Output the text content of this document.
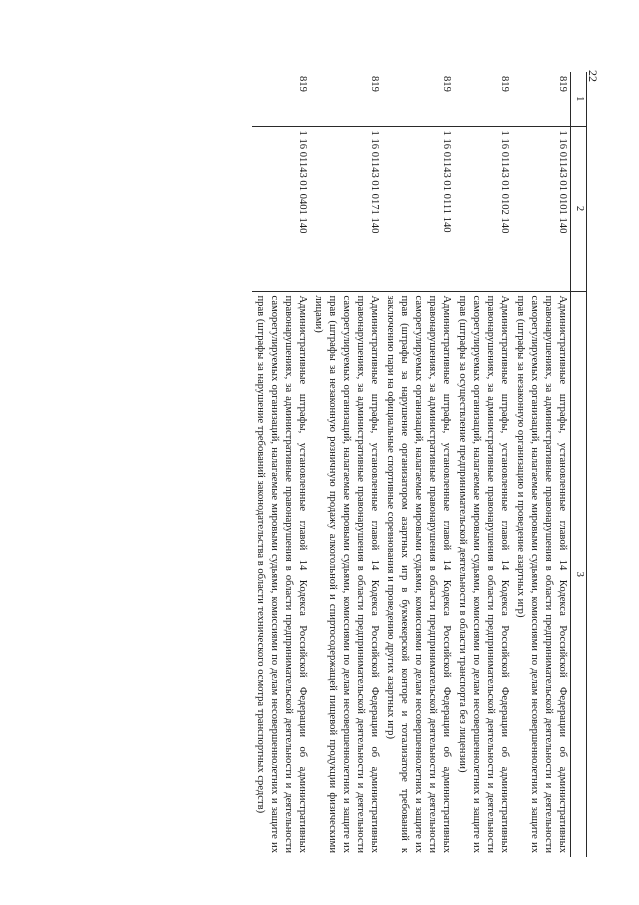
22
1	2	3
819	1 16 01143 01 0101 140	Административные штрафы, установленные главой 14 Кодекса Российской Федерации об административных правонарушениях, за административные правонарушения в области предпринимательской деятельности и деятельности саморегулируемых организаций, налагаемые мировыми судьями, комиссиями по делам несовершеннолетних и защите их прав (штрафы за незаконную организацию и проведение азартных игр)
819	1 16 01143 01 0102 140	Административные штрафы, установленные главой 14 Кодекса Российской Федерации об административных правонарушениях, за административные правонарушения в области предпринимательской деятельности и деятельности саморегулируемых организаций, налагаемые мировыми судьями, комиссиями по делам несовершеннолетних и защите их прав (штрафы за осуществление предпринимательской деятельности в области транспорта без лицензии)
819	1 16 01143 01 0111 140	Административные штрафы, установленные главой 14 Кодекса Российской Федерации об административных правонарушениях, за административные правонарушения в области предпринимательской деятельности и деятельности саморегулируемых организаций, налагаемые мировыми судьями, комиссиями по делам несовершеннолетних и защите их прав (штрафы за нарушение организатором азартных игр в букмекерской конторе и тотализаторе требований к заключению пари на официальные спортивные соревнования и проведению других азартных игр)
819	1 16 01143 01 0171 140	Административные штрафы, установленные главой 14 Кодекса Российской Федерации об административных правонарушениях, за административные правонарушения в области предпринимательской деятельности и деятельности саморегулируемых организаций, налагаемые мировыми судьями, комиссиями по делам несовершеннолетних и защите их прав (штрафы за незаконную розничную продажу алкогольной и спиртосодержащей пищевой продукции физическими лицами)
819	1 16 01143 01 0401 140	Административные штрафы, установленные главой 14 Кодекса Российской Федерации об административных правонарушениях, за административные правонарушения в области предпринимательской деятельности и деятельности саморегулируемых организаций, налагаемые мировыми судьями, комиссиями по делам несовершеннолетних и защите их прав (штрафы за нарушение требований законодательства в области технического осмотра транспортных средств)
